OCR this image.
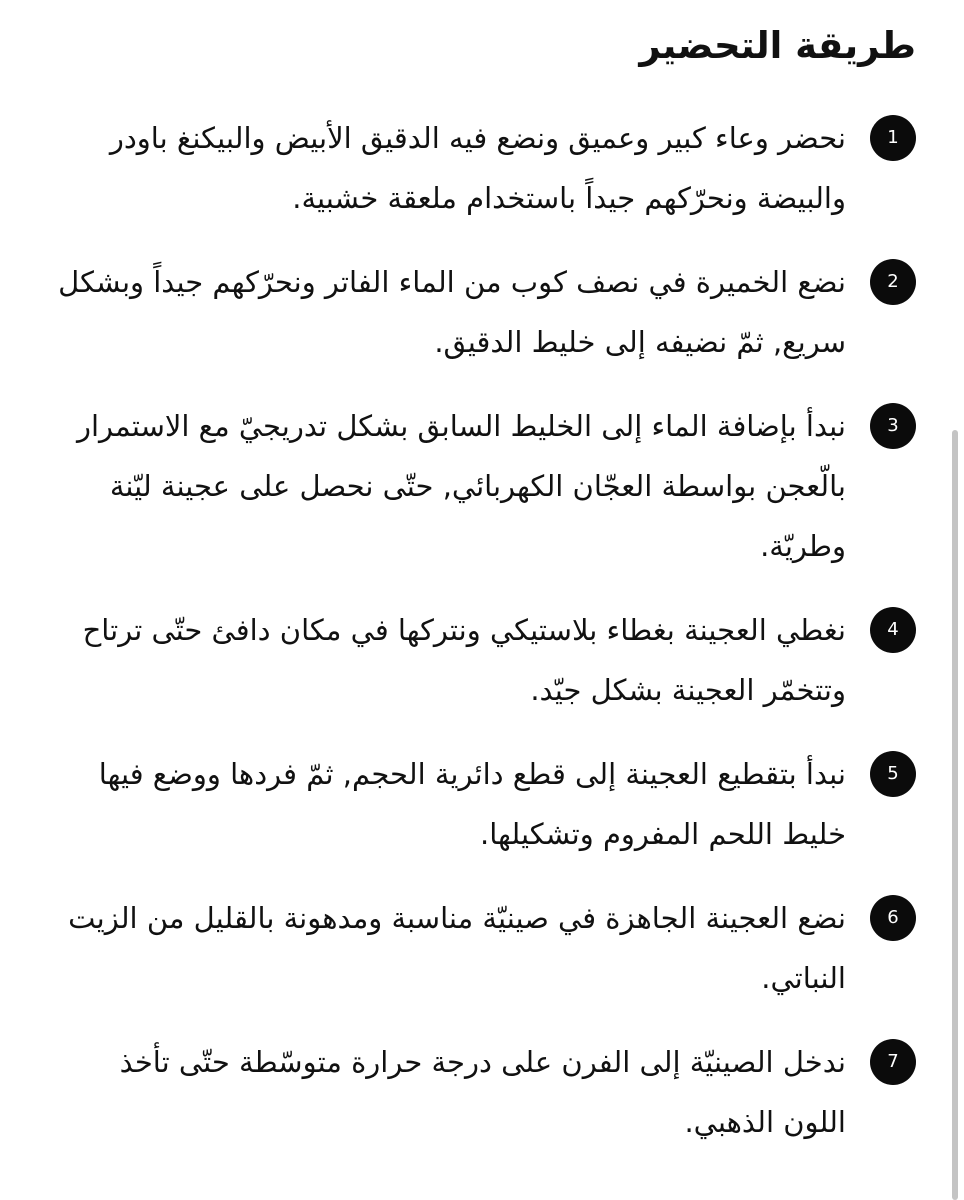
طريقة التحضير
1

نحضر وعاء كبير وعميق ونضع فيه الدقيق الأبيض والبيكنغ باودر والبيضة ونحرّكهم جيداً باستخدام ملعقة خشبية.

2

نضع الخميرة في نصف كوب من الماء الفاتر ونحرّكهم جيداً وبشكل سريع, ثمّ نضيفه إلى خليط الدقيق.

3

نبدأ بإضافة الماء إلى الخليط السابق بشكل تدريجيّ مع الاستمرار بالّعجن بواسطة العجّان الكهربائي, حتّى نحصل على عجينة ليّنة وطريّة.

4

نغطي العجينة بغطاء بلاستيكي ونتركها في مكان دافئ حتّى ترتاح وتتخمّر العجينة بشكل جيّد.

5

نبدأ بتقطيع العجينة إلى قطع دائرية الحجم, ثمّ فردها ووضع فيها خليط اللحم المفروم وتشكيلها.

6

نضع العجينة الجاهزة في صينيّة مناسبة ومدهونة بالقليل من الزيت النباتي.

7

ندخل الصينيّة إلى الفرن على درجة حرارة متوسّطة حتّى تأخذ اللون الذهبي.
